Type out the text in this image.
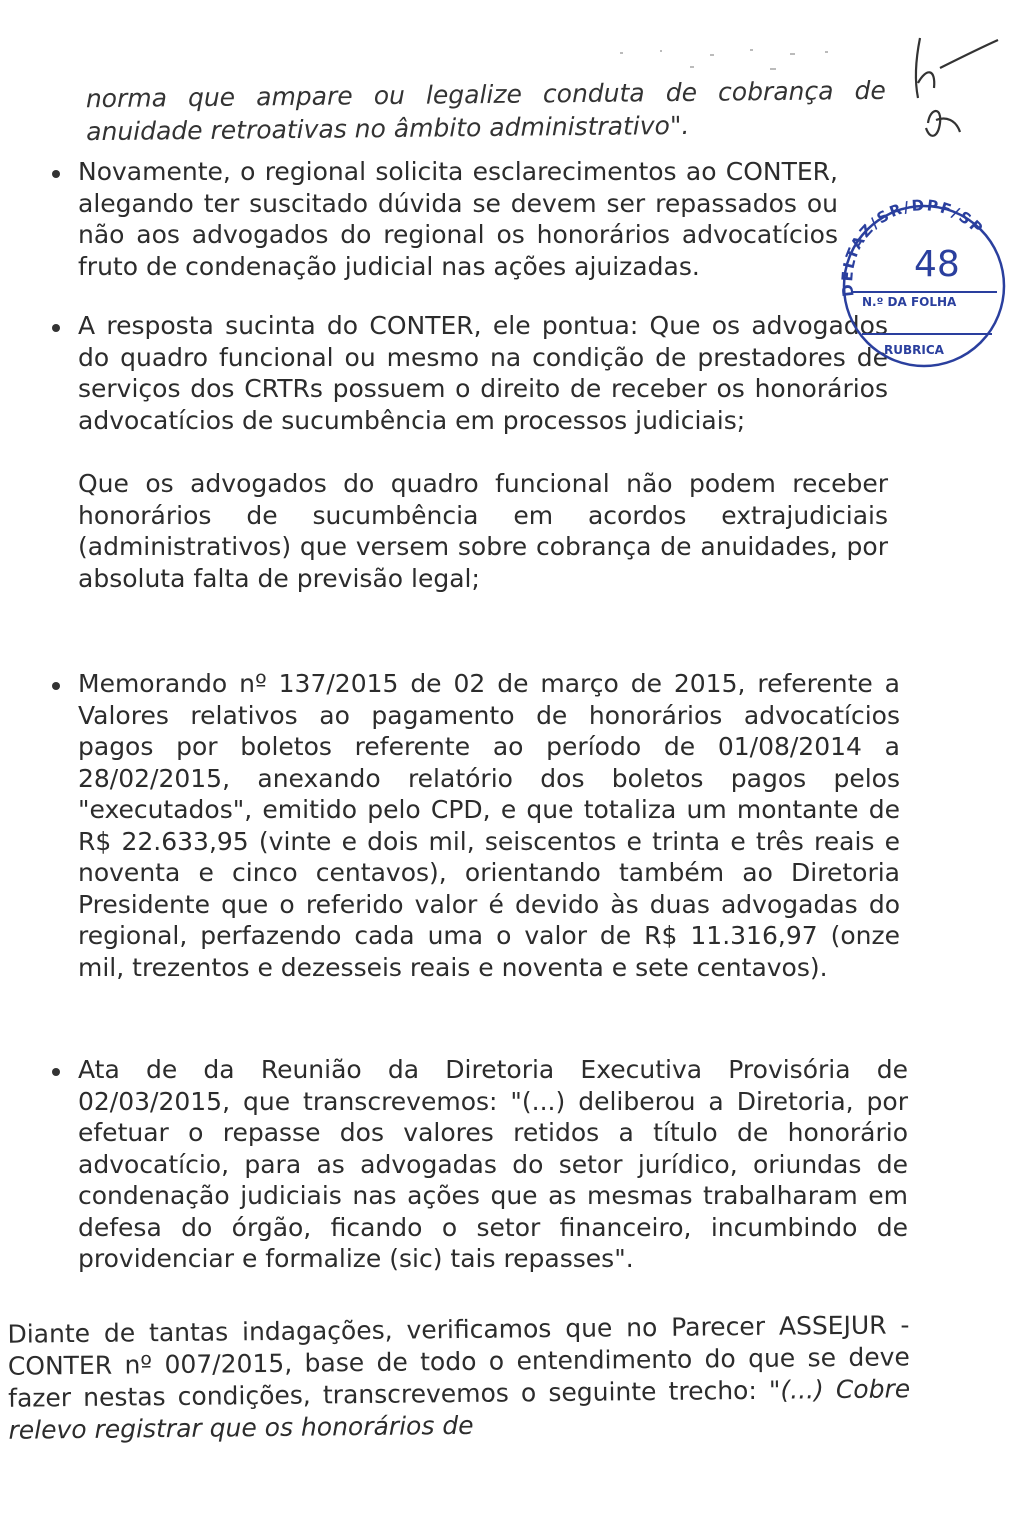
norma que ampare ou legalize conduta de cobrança de anuidade retroativas no âmbito administrativo".

Novamente, o regional solicita esclarecimentos ao CONTER, alegando ter suscitado dúvida se devem ser repassados ou não aos advogados do regional os honorários advocatícios fruto de condenação judicial nas ações ajuizadas.

A resposta sucinta do CONTER, ele pontua: Que os advogados do quadro funcional ou mesmo na condição de prestadores de serviços dos CRTRs possuem o direito de receber os honorários advocatícios de sucumbência em processos judiciais;

Que os advogados do quadro funcional não podem receber honorários de sucumbência em acordos extrajudiciais (administrativos) que versem sobre cobrança de anuidades, por absoluta falta de previsão legal;

Memorando nº 137/2015 de 02 de março de 2015, referente a Valores relativos ao pagamento de honorários advocatícios pagos por boletos referente ao período de 01/08/2014 a 28/02/2015, anexando relatório dos boletos pagos pelos "executados", emitido pelo CPD, e que totaliza um montante de R$ 22.633,95 (vinte e dois mil, seiscentos e trinta e três reais e noventa e cinco centavos), orientando também ao Diretoria Presidente que o referido valor é devido às duas advogadas do regional, perfazendo cada uma o valor de R$ 11.316,97 (onze mil, trezentos e dezesseis reais e noventa e sete centavos).

Ata de da Reunião da Diretoria Executiva Provisória de 02/03/2015, que transcrevemos: "(...) deliberou a Diretoria, por efetuar o repasse dos valores retidos a título de honorário advocatício, para as advogadas do setor jurídico, oriundas de condenação judiciais nas ações que as mesmas trabalharam em defesa do órgão, ficando o setor financeiro, incumbindo de providenciar e formalize (sic) tais repasses".

Diante de tantas indagações, verificamos que no Parecer ASSEJUR - CONTER nº 007/2015, base de todo o entendimento do que se deve fazer nestas condições, transcrevemos o seguinte trecho: "(...) Cobre relevo registrar que os honorários de
DELTAZ/SR/DPF/SP
48
N.º DA FOLHA
RUBRICA
